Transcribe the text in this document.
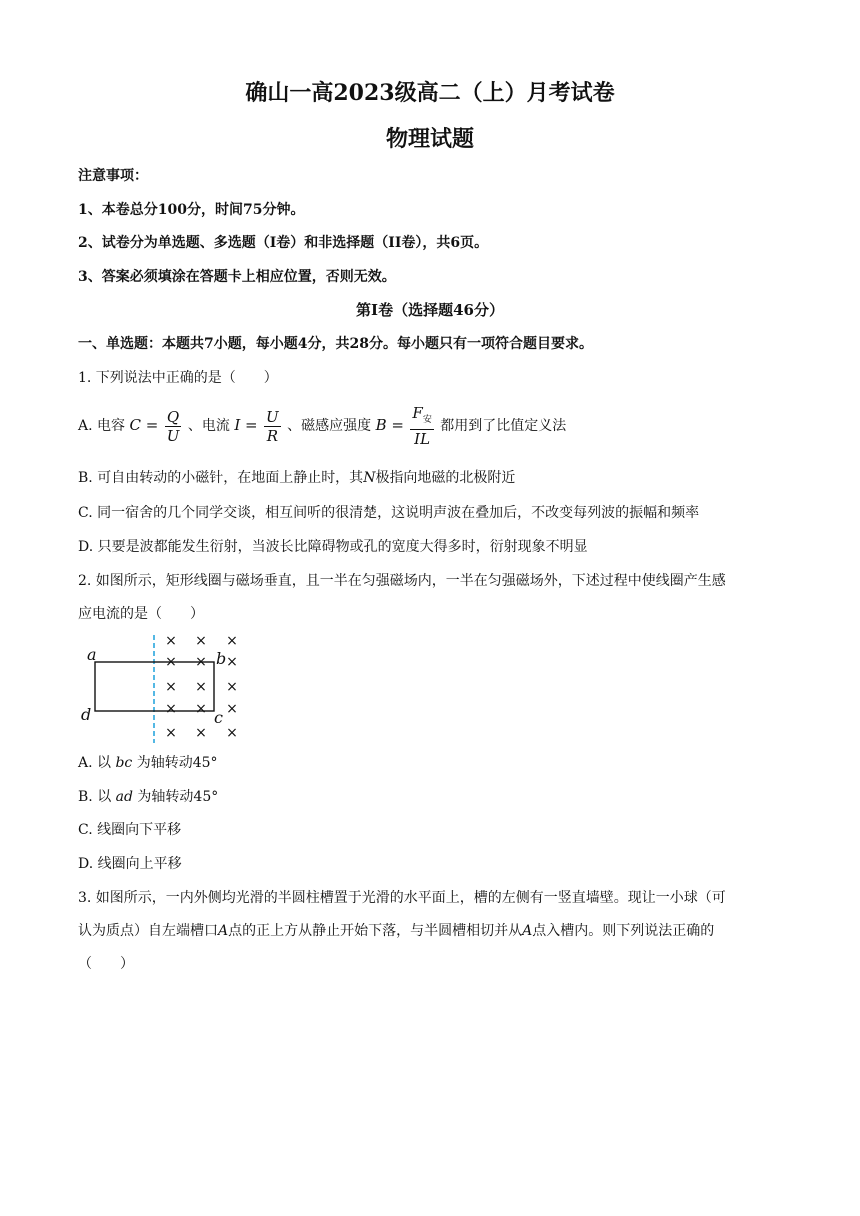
确山一高2023级高二（上）月考试卷
物理试题
注意事项：
1、本卷总分100分，时间75分钟。
2、试卷分为单选题、多选题（I卷）和非选择题（II卷），共6页。
3、答案必须填涂在答题卡上相应位置，否则无效。
第I卷（选择题46分）
一、单选题：本题共7小题，每小题4分，共28分。每小题只有一项符合题目要求。
1. 下列说法中正确的是（　　）
A. 电容 $C = \frac{Q}{U}$ 、电流 $I = \frac{U}{R}$ 、磁感应强度 $B = \frac{F_安}{IL}$ 都用到了比值定义法
B. 可自由转动的小磁针，在地面上静止时，其N极指向地磁的北极附近
C. 同一宿舍的几个同学交谈，相互间听的很清楚，这说明声波在叠加后，不改变每列波的振幅和频率
D. 只要是波都能发生衍射，当波长比障碍物或孔的宽度大得多时，衍射现象不明显
2. 如图所示，矩形线圈与磁场垂直，且一半在匀强磁场内，一半在匀强磁场外，下述过程中使线圈产生感
应电流的是（　　）
× × ×
× × ×
× × ×
× × ×
× × ×
a	b
c
d
A. 以 bc 为轴转动45°
B. 以 ad 为轴转动45°
C. 线圈向下平移
D. 线圈向上平移
3. 如图所示，一内外侧均光滑的半圆柱槽置于光滑的水平面上，槽的左侧有一竖直墙壁。现让一小球（可
认为质点）自左端槽口A点的正上方从静止开始下落，与半圆槽相切并从A点入槽内。则下列说法正确的
（　　）
